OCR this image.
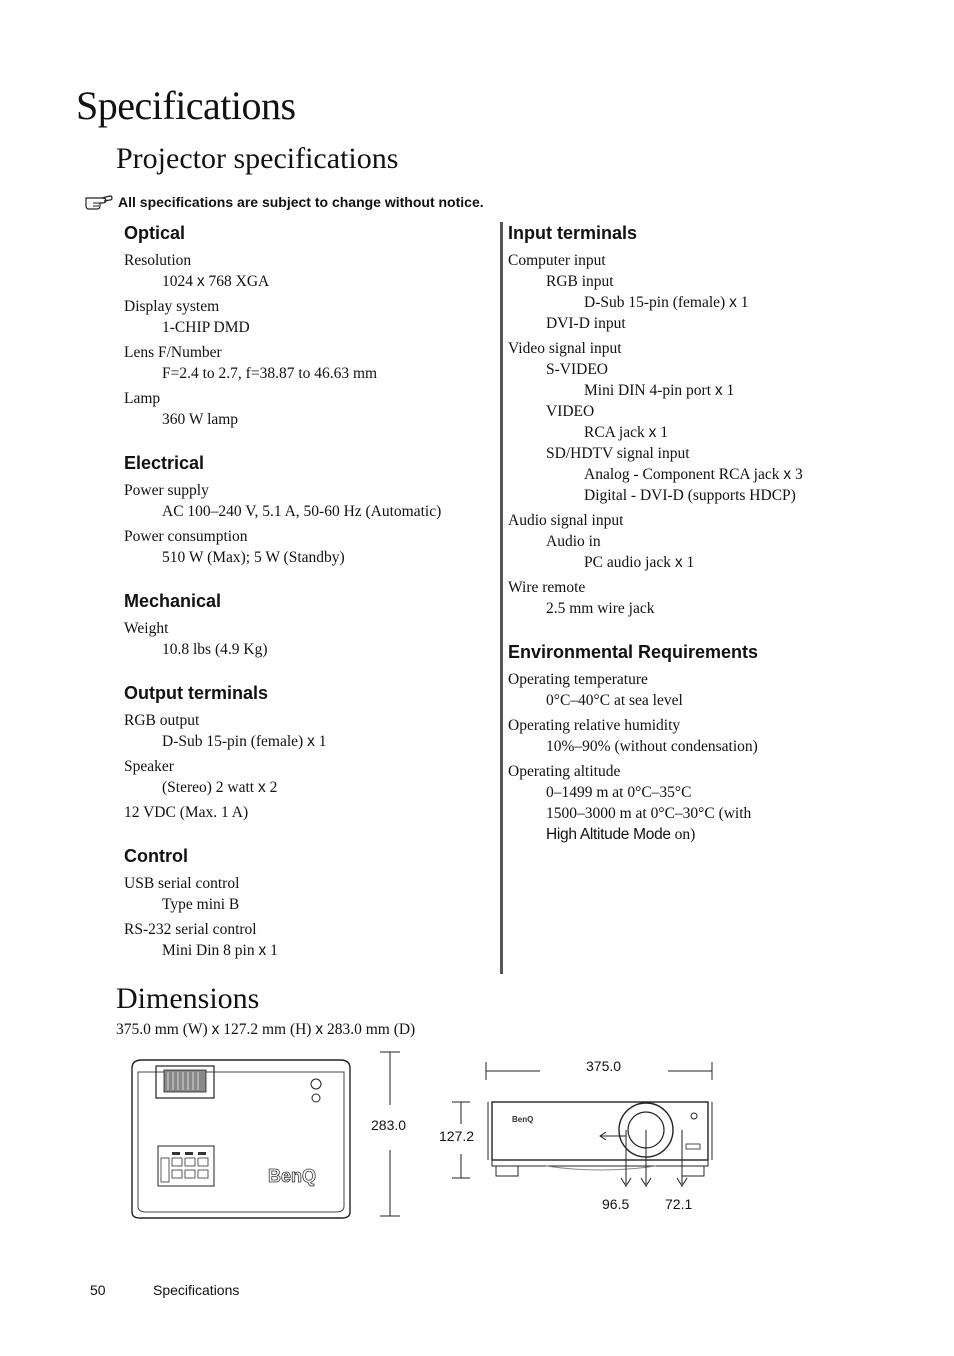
Specifications
Projector specifications
All specifications are subject to change without notice.
Optical
Resolution
1024 x 768 XGA
Display system
1-CHIP DMD
Lens F/Number
F=2.4 to 2.7, f=38.87 to 46.63 mm
Lamp
360 W lamp
Electrical
Power supply
AC 100–240 V, 5.1 A, 50-60 Hz (Automatic)
Power consumption
510 W (Max); 5 W (Standby)
Mechanical
Weight
10.8 lbs (4.9 Kg)
Output terminals
RGB output
D-Sub 15-pin (female) x 1
Speaker
(Stereo) 2 watt x 2
12 VDC (Max. 1 A)
Control
USB serial control
Type mini B
RS-232 serial control
Mini Din 8 pin x 1
Input terminals
Computer input
RGB input
D-Sub 15-pin (female) x 1
DVI-D input
Video signal input
S-VIDEO
Mini DIN 4-pin port x 1
VIDEO
RCA jack x 1
SD/HDTV signal input
Analog - Component RCA jack x 3
Digital - DVI-D (supports HDCP)
Audio signal input
Audio in
PC audio jack x 1
Wire remote
2.5 mm wire jack
Environmental Requirements
Operating temperature
0°C–40°C at sea level
Operating relative humidity
10%–90% (without condensation)
Operating altitude
0–1499 m at 0°C–35°C
1500–3000 m at 0°C–30°C (with
High Altitude Mode on)
Dimensions
375.0 mm (W) x 127.2 mm (H) x 283.0 mm (D)
BenQ
283.0
375.0
127.2
BenQ
96.5	72.1
50	Specifications
